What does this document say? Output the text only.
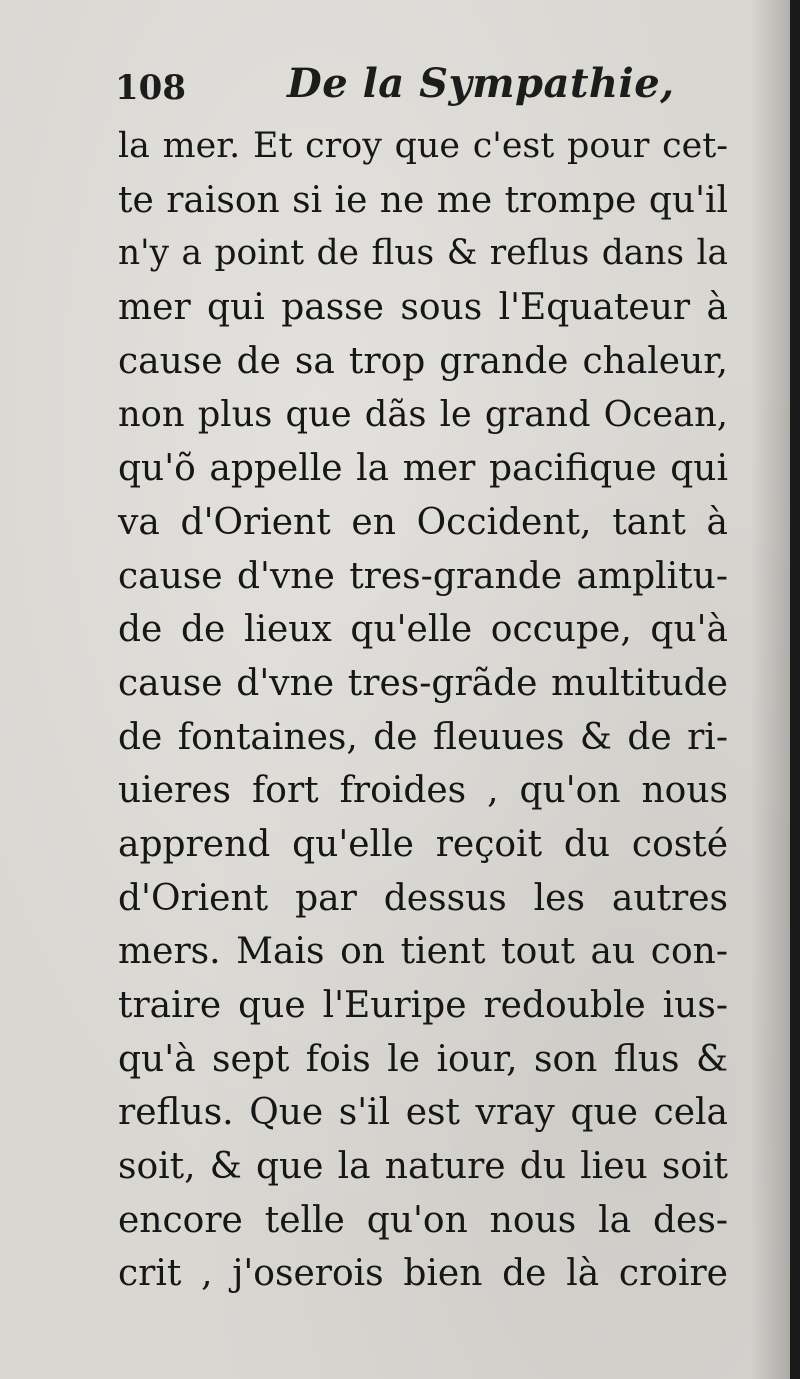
108	De la Sympathie,
la mer. Et croy que c'est pour cet-
te raison si ie ne me trompe qu'il
n'y a point de flus & reflus dans la
mer qui passe sous l'Equateur à
cause de sa trop grande chaleur,
non plus que dãs le grand Ocean,
qu'õ appelle la mer pacifique qui
va d'Orient en Occident, tant à
cause d'vne tres-grande amplitu-
de de lieux qu'elle occupe, qu'à
cause d'vne tres-grãde multitude
de fontaines, de fleuues & de ri-
uieres fort froides , qu'on nous
apprend qu'elle reçoit du costé
d'Orient par dessus les autres
mers. Mais on tient tout au con-
traire que l'Euripe redouble ius-
qu'à sept fois le iour, son flus &
reflus. Que s'il est vray que cela
soit, & que la nature du lieu soit
encore telle qu'on nous la des-
crit , j'oserois bien de là croire
